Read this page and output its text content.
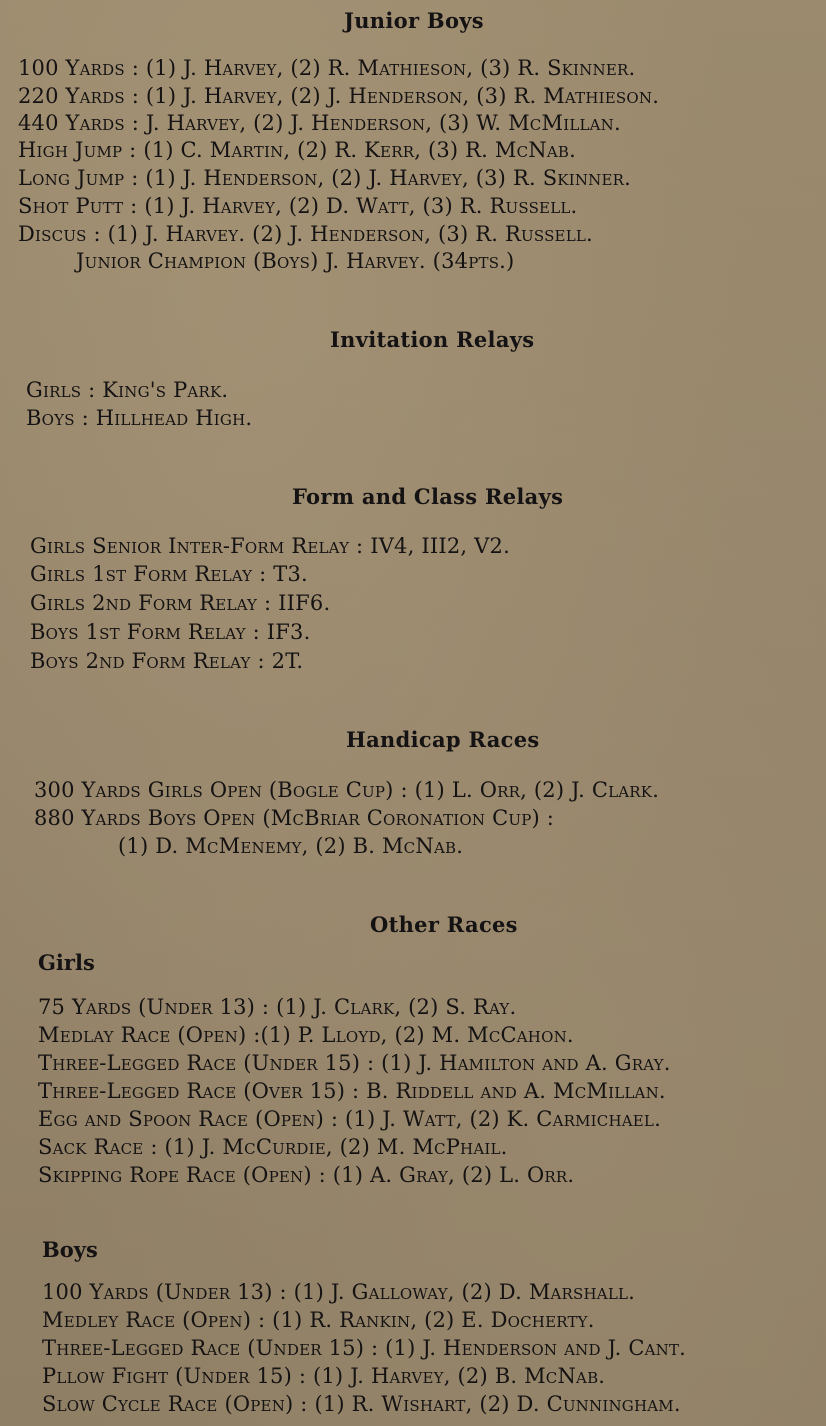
Junior Boys
100 Yards : (1) J. Harvey, (2) R. Mathieson, (3) R. Skinner.
220 Yards : (1) J. Harvey, (2) J. Henderson, (3) R. Mathieson.
440 Yards : J. Harvey, (2) J. Henderson, (3) W. McMillan.
High Jump : (1) C. Martin, (2) R. Kerr, (3) R. McNab.
Long Jump : (1) J. Henderson, (2) J. Harvey, (3) R. Skinner.
Shot Putt : (1) J. Harvey, (2) D. Watt, (3) R. Russell.
Discus : (1) J. Harvey. (2) J. Henderson, (3) R. Russell.
Junior Champion (Boys) J. Harvey. (34pts.)
Invitation Relays
Girls : King's Park.
Boys : Hillhead High.
Form and Class Relays
Girls Senior Inter-Form Relay : IV4, III2, V2.
Girls 1st Form Relay : T3.
Girls 2nd Form Relay : IIF6.
Boys 1st Form Relay : IF3.
Boys 2nd Form Relay : 2T.
Handicap Races
300 Yards Girls Open (Bogle Cup) : (1) L. Orr, (2) J. Clark.
880 Yards Boys Open (McBriar Coronation Cup) :
(1) D. McMenemy, (2) B. McNab.
Other Races
Girls
75 Yards (Under 13) : (1) J. Clark, (2) S. Ray.
Medlay Race (Open) :(1) P. Lloyd, (2) M. McCahon.
Three-Legged Race (Under 15) : (1) J. Hamilton and A. Gray.
Three-Legged Race (Over 15) : B. Riddell and A. McMillan.
Egg and Spoon Race (Open) : (1) J. Watt, (2) K. Carmichael.
Sack Race : (1) J. McCurdie, (2) M. McPhail.
Skipping Rope Race (Open) : (1) A. Gray, (2) L. Orr.
Boys
100 Yards (Under 13) : (1) J. Galloway, (2) D. Marshall.
Medley Race (Open) : (1) R. Rankin, (2) E. Docherty.
Three-Legged Race (Under 15) : (1) J. Henderson and J. Cant.
Pllow Fight (Under 15) : (1) J. Harvey, (2) B. McNab.
Slow Cycle Race (Open) : (1) R. Wishart, (2) D. Cunningham.
